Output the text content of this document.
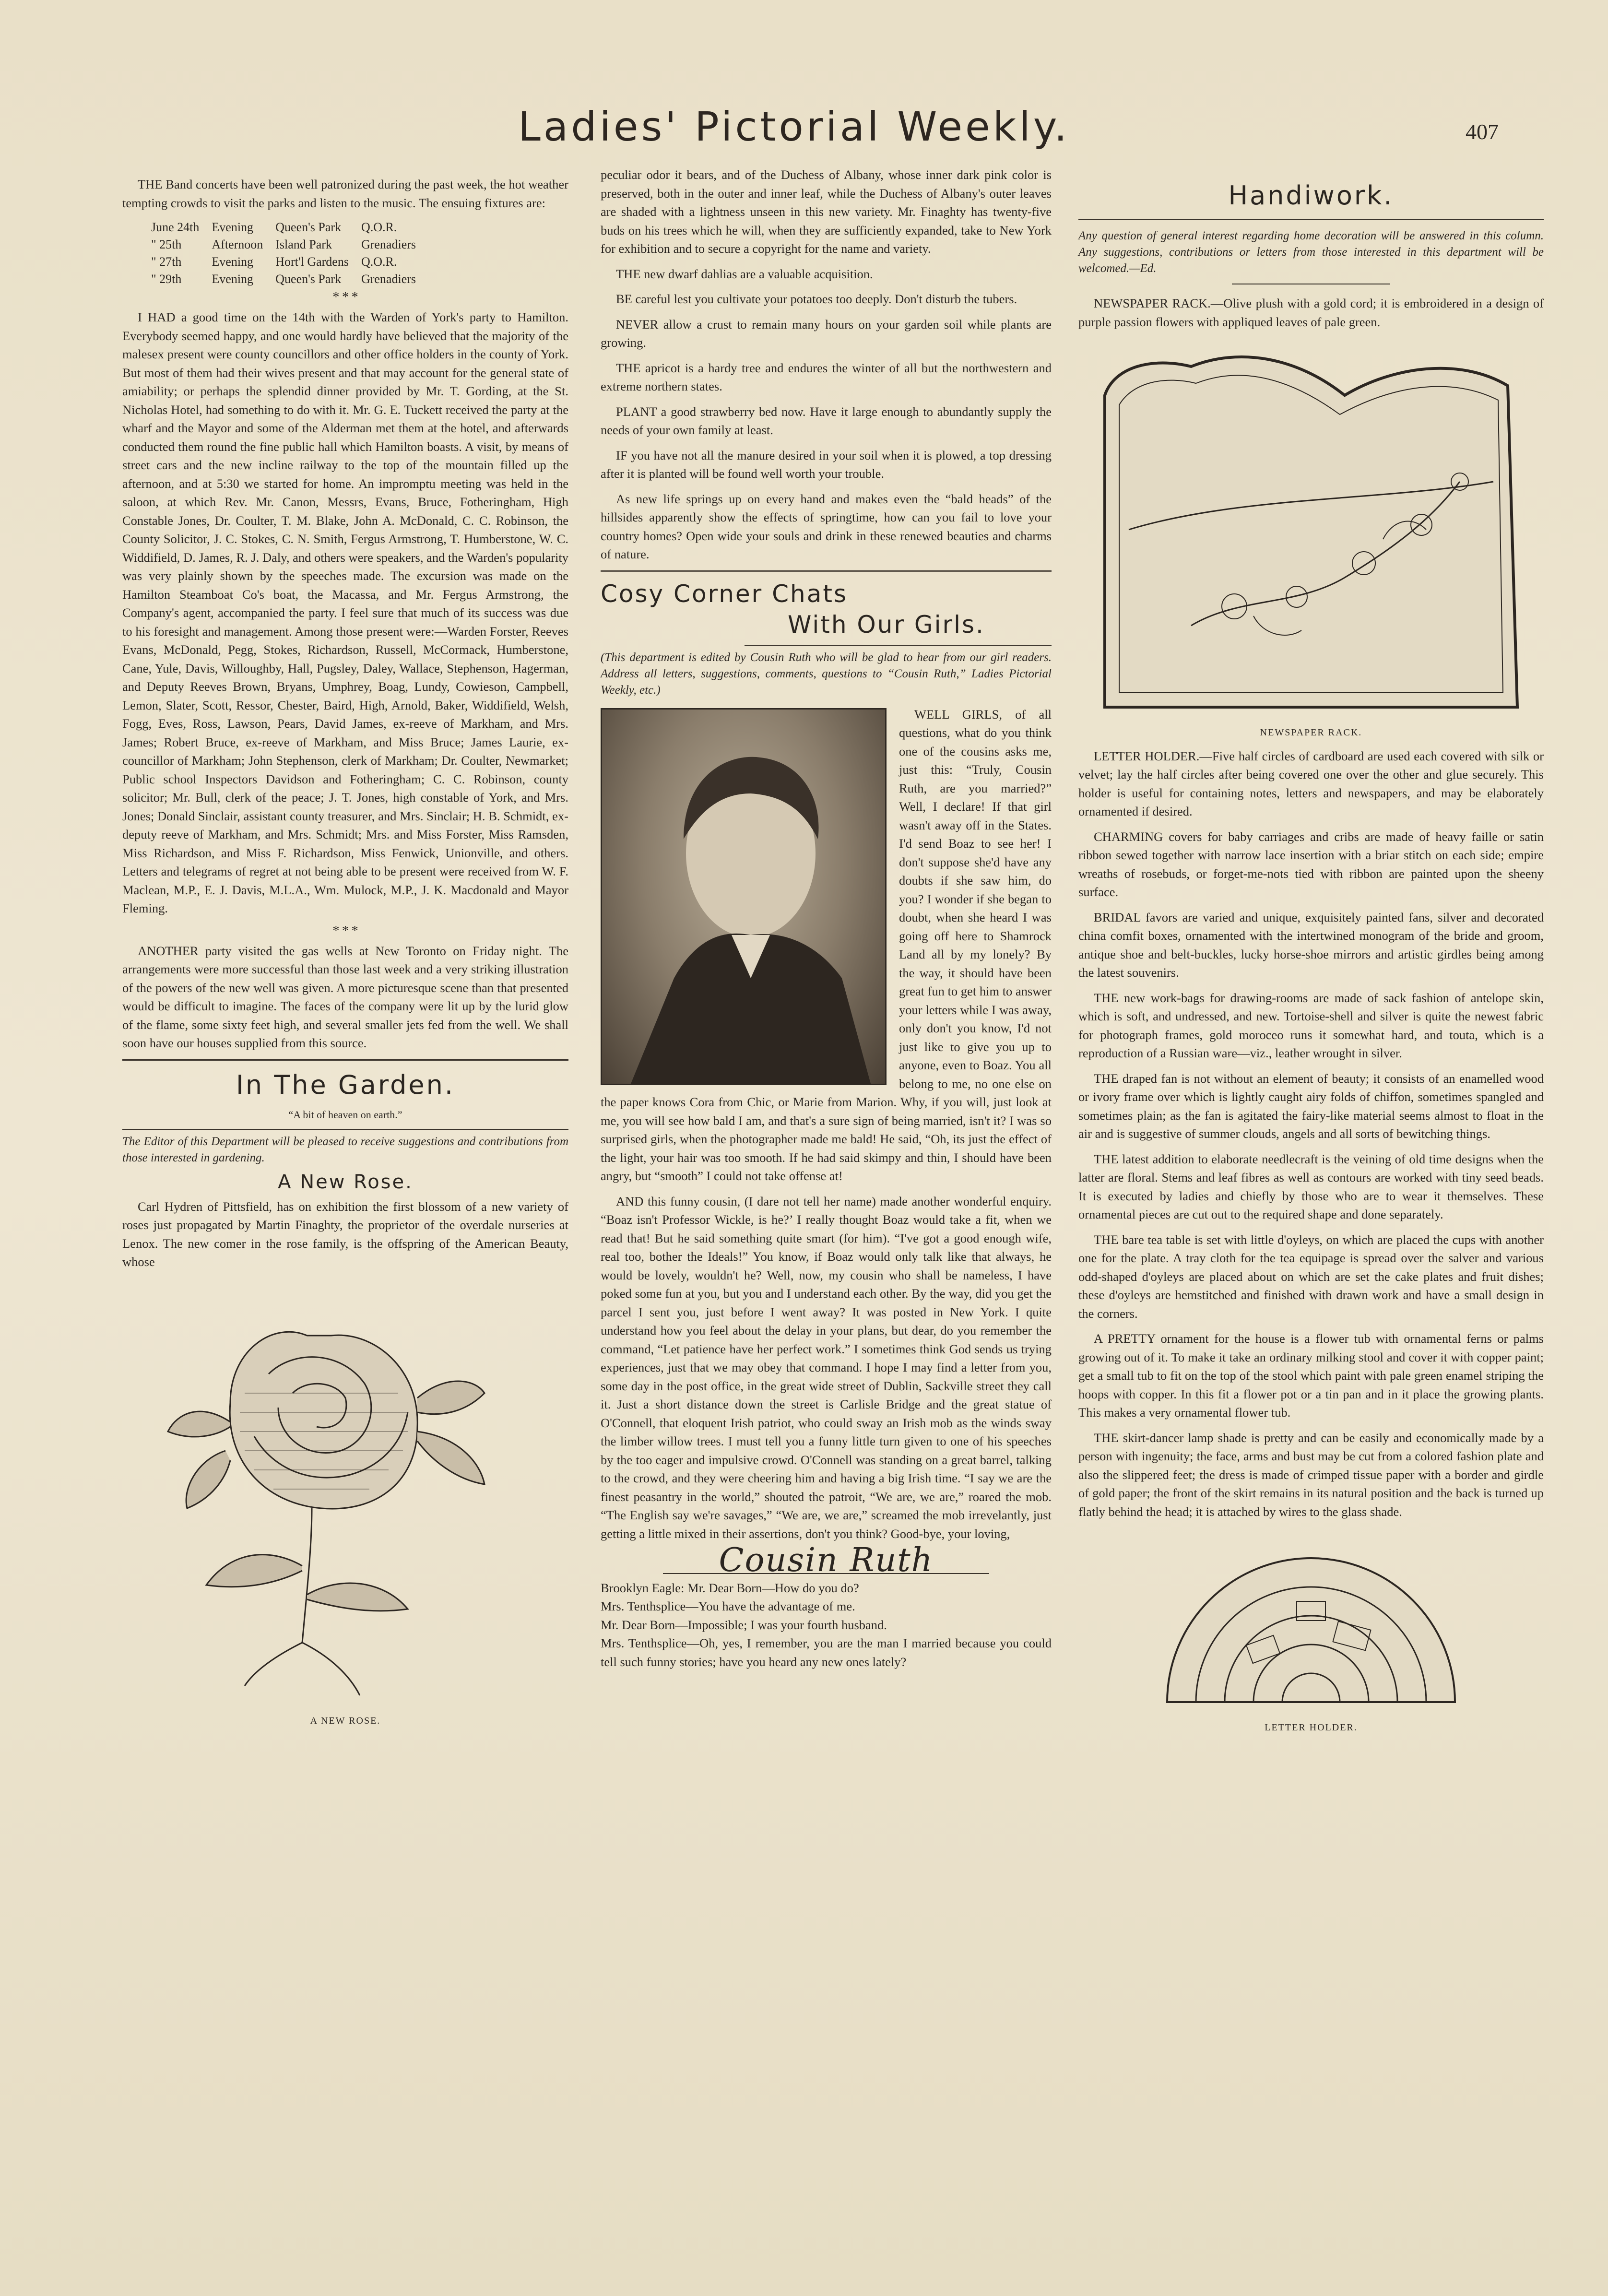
Ladies' Pictorial Weekly.	407

THE Band concerts have been well patronized during the past week, the hot weather tempting crowds to visit the parks and listen to the music. The ensuing fixtures are:

June 24th	Evening	Queen's Park	Q.O.R.
" 25th	Afternoon	Island Park	Grenadiers
" 27th	Evening	Hort'l Gardens	Q.O.R.
" 29th	Evening	Queen's Park	Grenadiers
* * *

I HAD a good time on the 14th with the Warden of York's party to Hamilton. Everybody seemed happy, and one would hardly have believed that the majority of the malesex present were county councillors and other office holders in the county of York. But most of them had their wives present and that may account for the general state of amiability; or perhaps the splendid dinner provided by Mr. T. Gording, at the St. Nicholas Hotel, had something to do with it. Mr. G. E. Tuckett received the party at the wharf and the Mayor and some of the Alderman met them at the hotel, and afterwards conducted them round the fine public hall which Hamilton boasts. A visit, by means of street cars and the new incline railway to the top of the mountain filled up the afternoon, and at 5:30 we started for home. An impromptu meeting was held in the saloon, at which Rev. Mr. Canon, Messrs, Evans, Bruce, Fotheringham, High Constable Jones, Dr. Coulter, T. M. Blake, John A. McDonald, C. C. Robinson, the County Solicitor, J. C. Stokes, C. N. Smith, Fergus Armstrong, T. Humberstone, W. C. Widdifield, D. James, R. J. Daly, and others were speakers, and the Warden's popularity was very plainly shown by the speeches made. The excursion was made on the Hamilton Steamboat Co's boat, the Macassa, and Mr. Fergus Armstrong, the Company's agent, accompanied the party. I feel sure that much of its success was due to his foresight and management. Among those present were:—Warden Forster, Reeves Evans, McDonald, Pegg, Stokes, Richardson, Russell, McCormack, Humberstone, Cane, Yule, Davis, Willoughby, Hall, Pugsley, Daley, Wallace, Stephenson, Hagerman, and Deputy Reeves Brown, Bryans, Umphrey, Boag, Lundy, Cowieson, Campbell, Lemon, Slater, Scott, Ressor, Chester, Baird, High, Arnold, Baker, Widdifield, Welsh, Fogg, Eves, Ross, Lawson, Pears, David James, ex-reeve of Markham, and Mrs. James; Robert Bruce, ex-reeve of Markham, and Miss Bruce; James Laurie, ex-councillor of Markham; John Stephenson, clerk of Markham; Dr. Coulter, Newmarket; Public school Inspectors Davidson and Fotheringham; C. C. Robinson, county solicitor; Mr. Bull, clerk of the peace; J. T. Jones, high constable of York, and Mrs. Jones; Donald Sinclair, assistant county treasurer, and Mrs. Sinclair; H. B. Schmidt, ex-deputy reeve of Markham, and Mrs. Schmidt; Mrs. and Miss Forster, Miss Ramsden, Miss Richardson, and Miss F. Richardson, Miss Fenwick, Unionville, and others. Letters and telegrams of regret at not being able to be present were received from W. F. Maclean, M.P., E. J. Davis, M.L.A., Wm. Mulock, M.P., J. K. Macdonald and Mayor Fleming.

* * *

ANOTHER party visited the gas wells at New Toronto on Friday night. The arrangements were more successful than those last week and a very striking illustration of the powers of the new well was given. A more picturesque scene than that presented would be difficult to imagine. The faces of the company were lit up by the lurid glow of the flame, some sixty feet high, and several smaller jets fed from the well. We shall soon have our houses supplied from this source.

In The Garden.
“A bit of heaven on earth.”
The Editor of this Department will be pleased to receive suggestions and contributions from those interested in gardening.
A New Rose.

Carl Hydren of Pittsfield, has on exhibition the first blossom of a new variety of roses just propagated by Martin Finaghty, the proprietor of the overdale nurseries at Lenox. The new comer in the rose family, is the offspring of the American Beauty, whose

A NEW ROSE.

peculiar odor it bears, and of the Duchess of Albany, whose inner dark pink color is preserved, both in the outer and inner leaf, while the Duchess of Albany's outer leaves are shaded with a lightness unseen in this new variety. Mr. Finaghty has twenty-five buds on his trees which he will, when they are sufficiently expanded, take to New York for exhibition and to secure a copyright for the name and variety.

THE new dwarf dahlias are a valuable acquisition.

BE careful lest you cultivate your potatoes too deeply. Don't disturb the tubers.

NEVER allow a crust to remain many hours on your garden soil while plants are growing.

THE apricot is a hardy tree and endures the winter of all but the northwestern and extreme northern states.

PLANT a good strawberry bed now. Have it large enough to abundantly supply the needs of your own family at least.

IF you have not all the manure desired in your soil when it is plowed, a top dressing after it is planted will be found well worth your trouble.

As new life springs up on every hand and makes even the “bald heads” of the hillsides apparently show the effects of springtime, how can you fail to love your country homes? Open wide your souls and drink in these renewed beauties and charms of nature.

Cosy Corner Chats
With Our Girls.
(This department is edited by Cousin Ruth who will be glad to hear from our girl readers. Address all letters, suggestions, comments, questions to “Cousin Ruth,” Ladies Pictorial Weekly, etc.)

WELL GIRLS, of all questions, what do you think one of the cousins asks me, just this: “Truly, Cousin Ruth, are you married?” Well, I declare! If that girl wasn't away off in the States. I'd send Boaz to see her! I don't suppose she'd have any doubts if she saw him, do you? I wonder if she began to doubt, when she heard I was going off here to Shamrock Land all by my lonely? By the way, it should have been great fun to get him to answer your letters while I was away, only don't you know, I'd not just like to give you up to anyone, even to Boaz. You all belong to me, no one else on the paper knows Cora from Chic, or Marie from Marion. Why, if you will, just look at me, you will see how bald I am, and that's a sure sign of being married, isn't it? I was so surprised girls, when the photographer made me bald! He said, “Oh, its just the effect of the light, your hair was too smooth. If he had said skimpy and thin, I should have been angry, but “smooth” I could not take offense at!

AND this funny cousin, (I dare not tell her name) made another wonderful enquiry. “Boaz isn't Professor Wickle, is he?’ I really thought Boaz would take a fit, when we read that! But he said something quite smart (for him). “I've got a good enough wife, real too, bother the Ideals!” You know, if Boaz would only talk like that always, he would be lovely, wouldn't he? Well, now, my cousin who shall be nameless, I have poked some fun at you, but you and I understand each other. By the way, did you get the parcel I sent you, just before I went away? It was posted in New York. I quite understand how you feel about the delay in your plans, but dear, do you remember the command, “Let patience have her perfect work.” I sometimes think God sends us trying experiences, just that we may obey that command. I hope I may find a letter from you, some day in the post office, in the great wide street of Dublin, Sackville street they call it. Just a short distance down the street is Carlisle Bridge and the great statue of O'Connell, that eloquent Irish patriot, who could sway an Irish mob as the winds sway the limber willow trees. I must tell you a funny little turn given to one of his speeches by the too eager and impulsive crowd. O'Connell was standing on a great barrel, talking to the crowd, and they were cheering him and having a big Irish time. “I say we are the finest peasantry in the world,” shouted the patroit, “We are, we are,” roared the mob. “The English say we're savages,” “We are, we are,” screamed the mob irrevelantly, just getting a little mixed in their assertions, don't you think? Good-bye, your loving,

Cousin Ruth

Brooklyn Eagle: Mr. Dear Born—How do you do?

Mrs. Tenthsplice—You have the advantage of me.

Mr. Dear Born—Impossible; I was your fourth husband.

Mrs. Tenthsplice—Oh, yes, I remember, you are the man I married because you could tell such funny stories; have you heard any new ones lately?

Handiwork.
Any question of general interest regarding home decoration will be answered in this column. Any suggestions, contributions or letters from those interested in this department will be welcomed.—Ed.

NEWSPAPER RACK.—Olive plush with a gold cord; it is embroidered in a design of purple passion flowers with appliqued leaves of pale green.

NEWSPAPER RACK.

LETTER HOLDER.—Five half circles of cardboard are used each covered with silk or velvet; lay the half circles after being covered one over the other and glue securely. This holder is useful for containing notes, letters and newspapers, and may be elaborately ornamented if desired.

CHARMING covers for baby carriages and cribs are made of heavy faille or satin ribbon sewed together with narrow lace insertion with a briar stitch on each side; empire wreaths of rosebuds, or forget-me-nots tied with ribbon are painted upon the sheeny surface.

BRIDAL favors are varied and unique, exquisitely painted fans, silver and decorated china comfit boxes, ornamented with the intertwined monogram of the bride and groom, antique shoe and belt-buckles, lucky horse-shoe mirrors and artistic girdles being among the latest souvenirs.

THE new work-bags for drawing-rooms are made of sack fashion of antelope skin, which is soft, and undressed, and new. Tortoise-shell and silver is quite the newest fabric for photograph frames, gold moroceo runs it somewhat hard, and touta, which is a reproduction of a Russian ware—viz., leather wrought in silver.

THE draped fan is not without an element of beauty; it consists of an enamelled wood or ivory frame over which is lightly caught airy folds of chiffon, sometimes spangled and sometimes plain; as the fan is agitated the fairy-like material seems almost to float in the air and is suggestive of summer clouds, angels and all sorts of bewitching things.

THE latest addition to elaborate needlecraft is the veining of old time designs when the latter are floral. Stems and leaf fibres as well as contours are worked with tiny seed beads. It is executed by ladies and chiefly by those who are to wear it themselves. These ornamental pieces are cut out to the required shape and done separately.

THE bare tea table is set with little d'oyleys, on which are placed the cups with another one for the plate. A tray cloth for the tea equipage is spread over the salver and various odd-shaped d'oyleys are placed about on which are set the cake plates and fruit dishes; these d'oyleys are hemstitched and finished with drawn work and have a small design in the corners.

A PRETTY ornament for the house is a flower tub with ornamental ferns or palms growing out of it. To make it take an ordinary milking stool and cover it with copper paint; get a small tub to fit on the top of the stool which paint with pale green enamel striping the hoops with copper. In this fit a flower pot or a tin pan and in it place the growing plants. This makes a very ornamental flower tub.

THE skirt-dancer lamp shade is pretty and can be easily and economically made by a person with ingenuity; the face, arms and bust may be cut from a colored fashion plate and also the slippered feet; the dress is made of crimped tissue paper with a border and girdle of gold paper; the front of the skirt remains in its natural position and the back is turned up flatly behind the head; it is attached by wires to the glass shade.

LETTER HOLDER.
